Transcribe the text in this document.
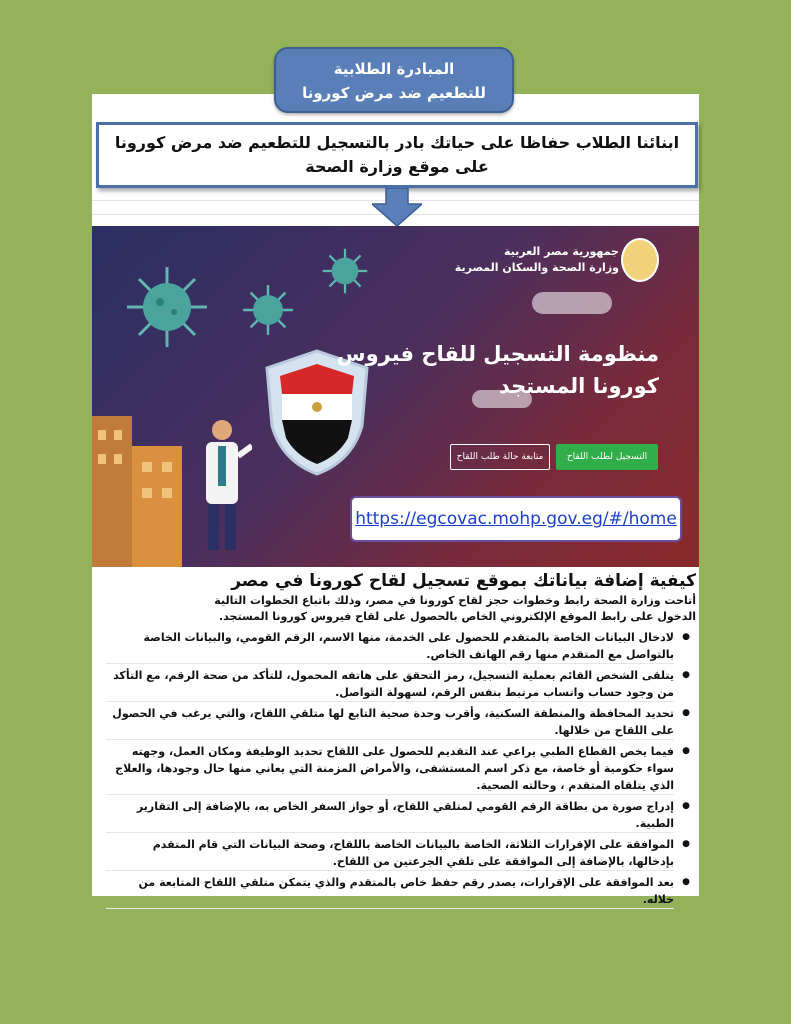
المبادرة الطلابية
للتطعيم ضد مرض كورونا
ابنائنا الطلاب حفاظا على حياتك بادر بالتسجيل للتطعيم ضد مرض كورونا
على موقع وزارة الصحة
جمهورية مصر العربية
وزارة الصحة والسكان المصرية
منظومة التسجيل للقاح فيروس
كورونا المستجد
التسجيل لطلب اللقاح
متابعة حالة طلب اللقاح
https://egcovac.mohp.gov.eg/#/home

كيفية إضافة بياناتك بموقع تسجيل لقاح كورونا في مصر

أتاحت وزارة الصحة رابط وخطوات حجز لقاح كورونا في مصر، وذلك باتباع الخطوات التالية

الدخول على رابط الموقع الإلكتروني الخاص بالحصول على لقاح فيروس كورونا المستجد.

● لادخال البيانات الخاصة بالمتقدم للحصول على الخدمة، منها الاسم، الرقم القومي، والبيانات الخاصة بالتواصل مع المتقدم منها رقم الهاتف الخاص.
● يتلقى الشخص القائم بعملية التسجيل، رمز التحقق على هاتفه المحمول، للتأكد من صحة الرقم، مع التأكد من وجود حساب واتساب مرتبط بنفس الرقم، لسهولة التواصل.
● تحديد المحافظة والمنطقة السكنية، وأقرب وحدة صحية التابع لها متلقي اللقاح، والتي يرغب في الحصول على اللقاح من خلالها.
● فيما يخص القطاع الطبي يراعي عند التقديم للحصول على اللقاح تحديد الوظيفة ومكان العمل، وجهته سواء حكومية أو خاصة، مع ذكر اسم المستشفى، والأمراض المزمنة التي يعاني منها حال وجودها، والعلاج الذي يتلقاه المتقدم ، وحالته الصحية.
● إدراج صورة من بطاقة الرقم القومي لمتلقي اللقاح، أو جواز السفر الخاص به، بالإضافة إلى التقارير الطبية.
● الموافقة على الإقرارات الثلاثة، الخاصة بالبيانات الخاصة باللقاح، وصحة البيانات التي قام المتقدم بإدخالها، بالإضافة إلى الموافقة على تلقي الجرعتين من اللقاح.
● بعد الموافقة على الإقرارات، يصدر رقم حفظ خاص بالمتقدم والذي يتمكن متلقي اللقاح المتابعة من خلاله.
